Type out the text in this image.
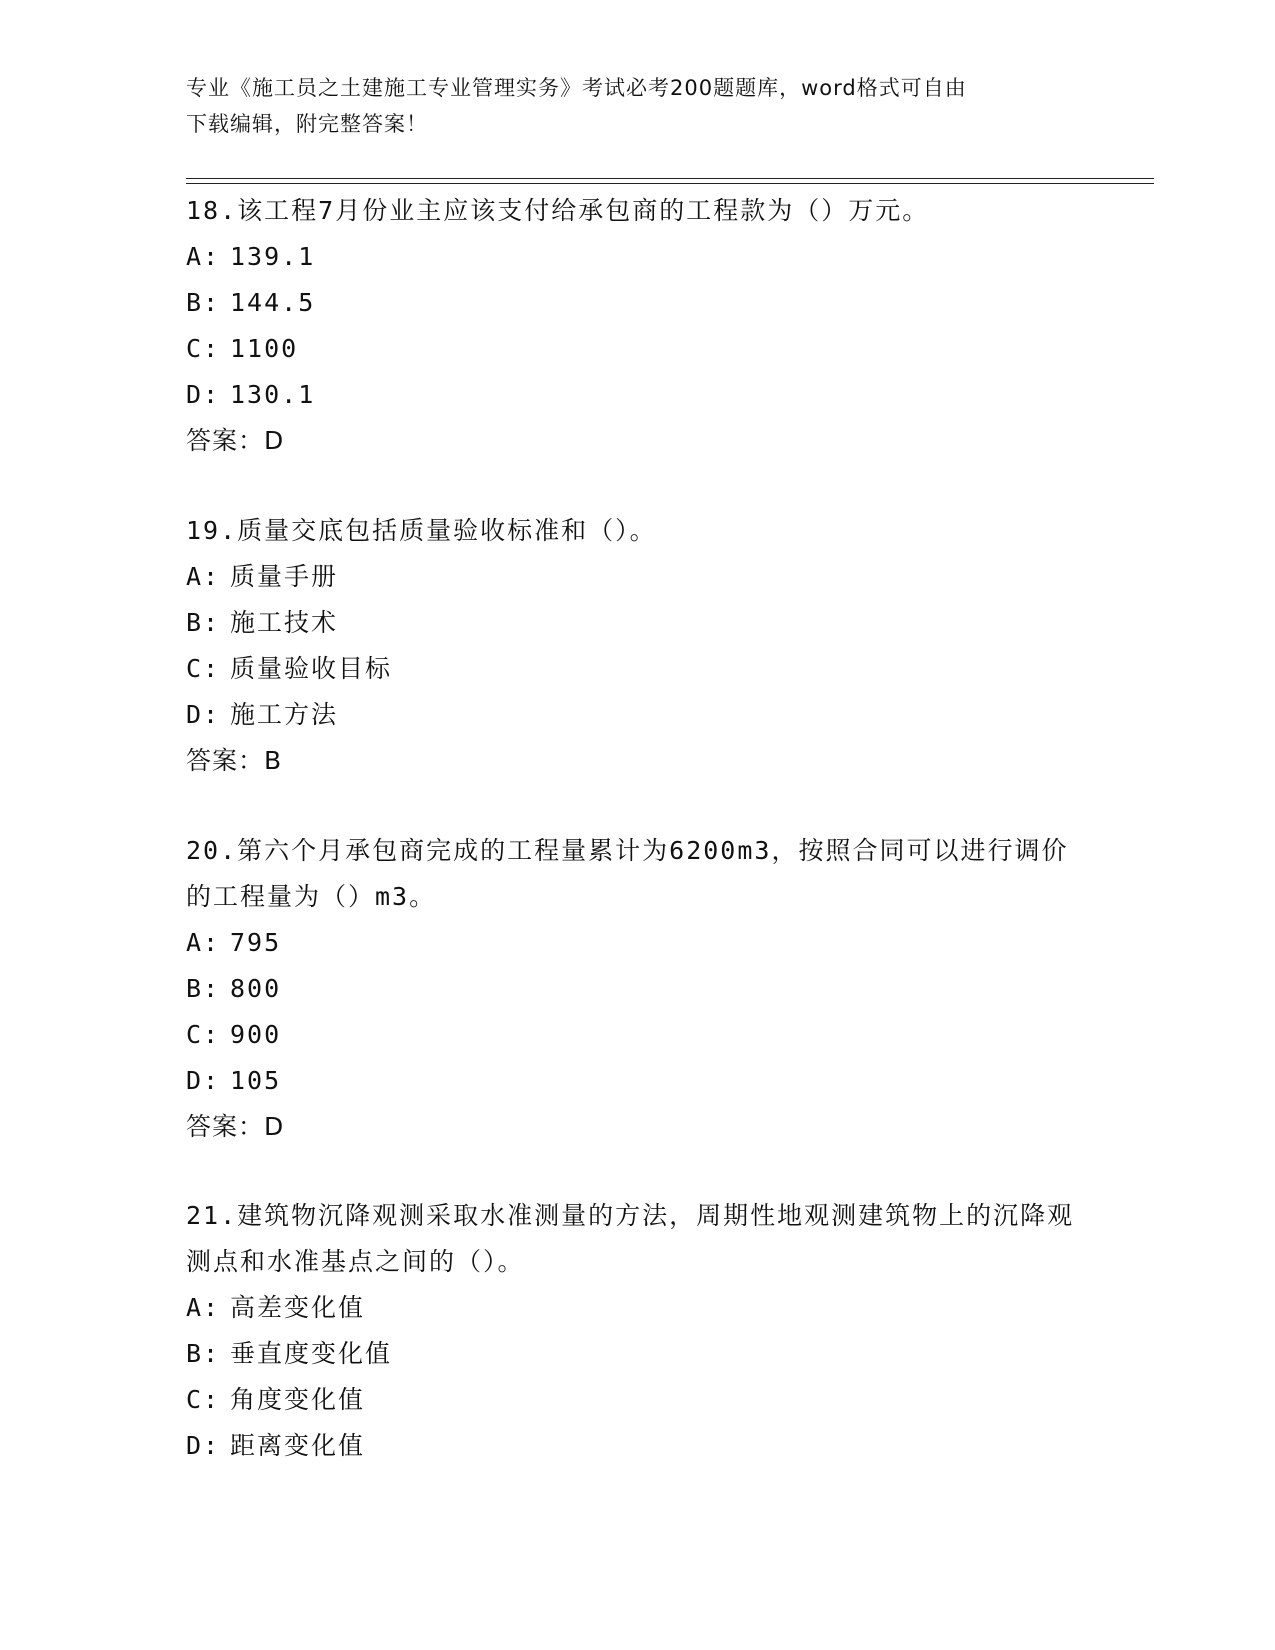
专业《施工员之土建施工专业管理实务》考试必考200题题库，word格式可自由
下载编辑，附完整答案！

18.该工程7月份业主应该支付给承包商的工程款为（）万元。

A: 139.1

B: 144.5

C: 1100

D: 130.1

答案：D

19.质量交底包括质量验收标准和（）。

A: 质量手册

B: 施工技术

C: 质量验收目标

D: 施工方法

答案：B

20.第六个月承包商完成的工程量累计为6200m3，按照合同可以进行调价的工程量为（）m3。

A: 795

B: 800

C: 900

D: 105

答案：D

21.建筑物沉降观测采取水准测量的方法，周期性地观测建筑物上的沉降观测点和水准基点之间的（）。

A: 高差变化值

B: 垂直度变化值

C: 角度变化值

D: 距离变化值
